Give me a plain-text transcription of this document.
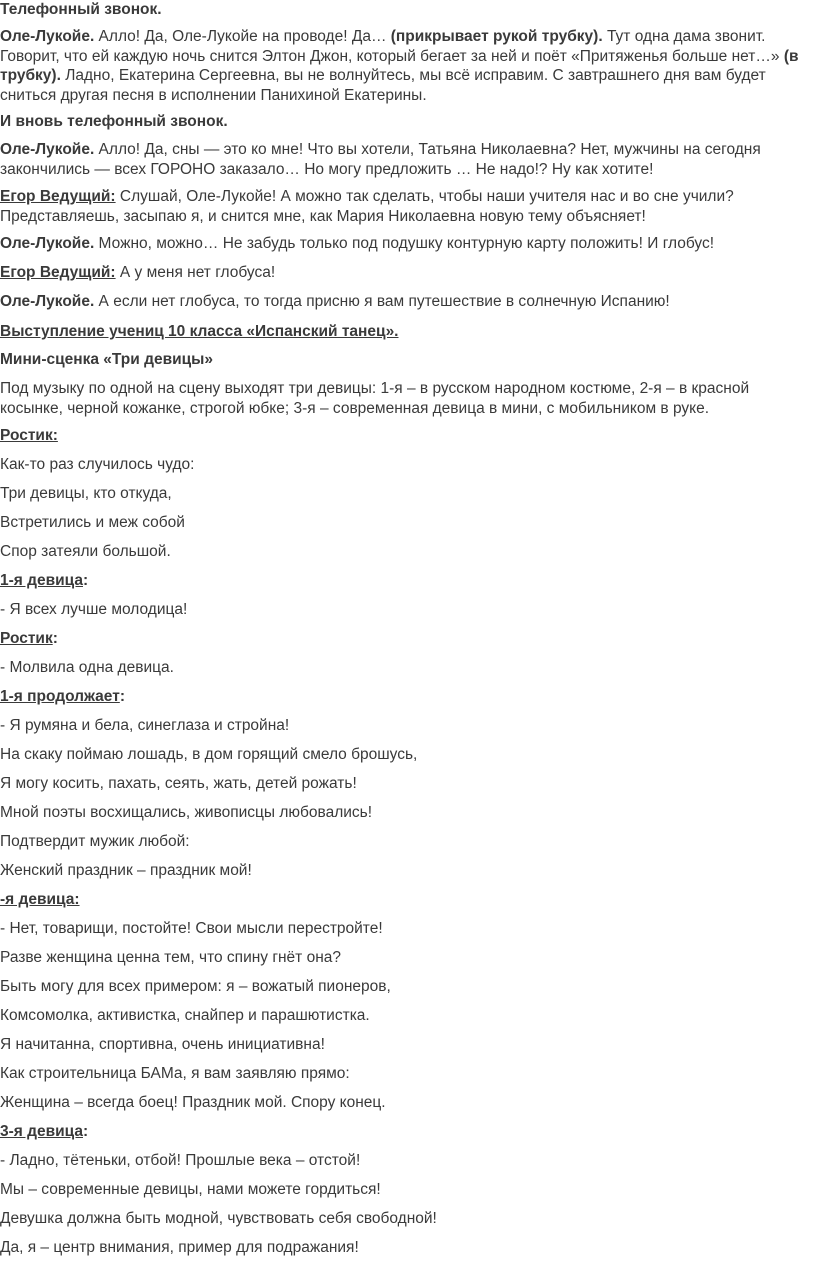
Телефонный звонок.
Оле-Лукойе. Алло! Да, Оле-Лукойе на проводе! Да… (прикрывает рукой трубку). Тут одна дама звонит. Говорит, что ей каждую ночь снится Элтон Джон, который бегает за ней и поёт «Притяженья больше нет…» (в трубку). Ладно, Екатерина Сергеевна, вы не волнуйтесь, мы всё исправим. С завтрашнего дня вам будет сниться другая песня в исполнении Панихиной Екатерины.
И вновь телефонный звонок.
Оле-Лукойе. Алло! Да, сны — это ко мне! Что вы хотели, Татьяна Николаевна? Нет, мужчины на сегодня закончились — всех ГОРОНО заказало… Но могу предложить … Не надо!? Ну как хотите!
Егор Ведущий: Слушай, Оле-Лукойе! А можно так сделать, чтобы наши учителя нас и во сне учили? Представляешь, засыпаю я, и снится мне, как Мария Николаевна новую тему объясняет!
Оле-Лукойе. Можно, можно… Не забудь только под подушку контурную карту положить! И глобус!
Егор Ведущий: А у меня нет глобуса!
Оле-Лукойе. А если нет глобуса, то тогда присню я вам путешествие в солнечную Испанию!
Выступление учениц 10 класса «Испанский танец».
Мини-сценка «Три девицы»
Под музыку по одной на сцену выходят три девицы: 1-я – в русском народном костюме, 2-я – в красной косынке, черной кожанке, строгой юбке; 3-я – современная девица в мини, с мобильником в руке.
Ростик:
Как-то раз случилось чудо:
Три девицы, кто откуда,
Встретились и меж собой
Спор затеяли большой.
1-я девица:
- Я всех лучше молодица!
Ростик:
- Молвила одна девица.
1-я продолжает:
- Я румяна и бела, синеглаза и стройна!
На скаку поймаю лошадь, в дом горящий смело брошусь,
Я могу косить, пахать, сеять, жать, детей рожать!
Мной поэты восхищались, живописцы любовались!
Подтвердит мужик любой:
Женский праздник – праздник мой!
-я девица:
- Нет, товарищи, постойте! Свои мысли перестройте!
Разве женщина ценна тем, что спину гнёт она?
Быть могу для всех примером: я – вожатый пионеров,
Комсомолка, активистка, снайпер и парашютистка.
Я начитанна, спортивна, очень инициативна!
Как строительница БАМа, я вам заявляю прямо:
Женщина – всегда боец! Праздник мой. Спору конец.
3-я девица:
- Ладно, тётеньки, отбой! Прошлые века – отстой!
Мы – современные девицы, нами можете гордиться!
Девушка должна быть модной, чувствовать себя свободной!
Да, я – центр внимания, пример для подражания!
